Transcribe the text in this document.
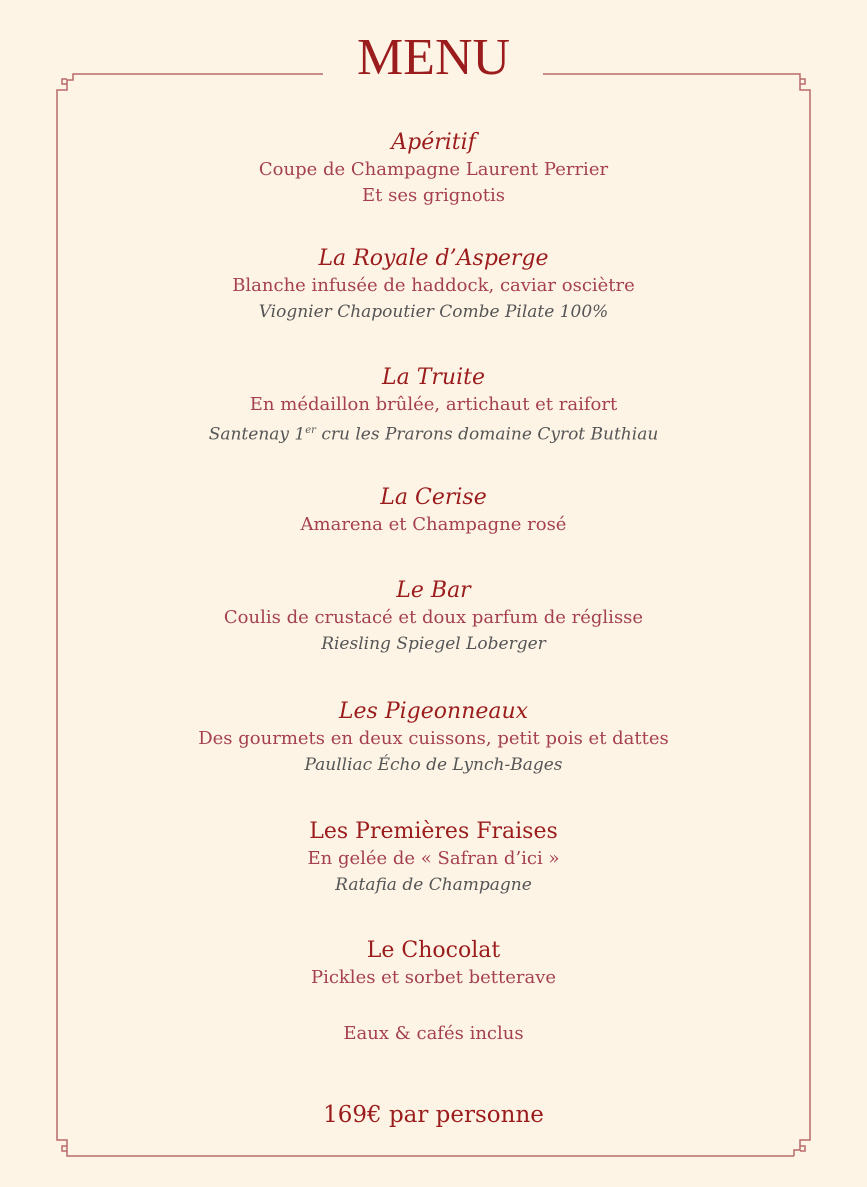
MENU
Apéritif
Coupe de Champagne Laurent Perrier
Et ses grignotis
La Royale d’Asperge
Blanche infusée de haddock, caviar osciètre
Viognier Chapoutier Combe Pilate 100%
La Truite
En médaillon brûlée, artichaut et raifort
Santenay 1er cru les Prarons domaine Cyrot Buthiau
La Cerise
Amarena et Champagne rosé
Le Bar
Coulis de crustacé et doux parfum de réglisse
Riesling Spiegel Loberger
Les Pigeonneaux
Des gourmets en deux cuissons, petit pois et dattes
Paulliac Écho de Lynch-Bages
Les Premières Fraises
En gelée de « Safran d’ici »
Ratafia de Champagne
Le Chocolat
Pickles et sorbet betterave
Eaux & cafés inclus
169€ par personne
